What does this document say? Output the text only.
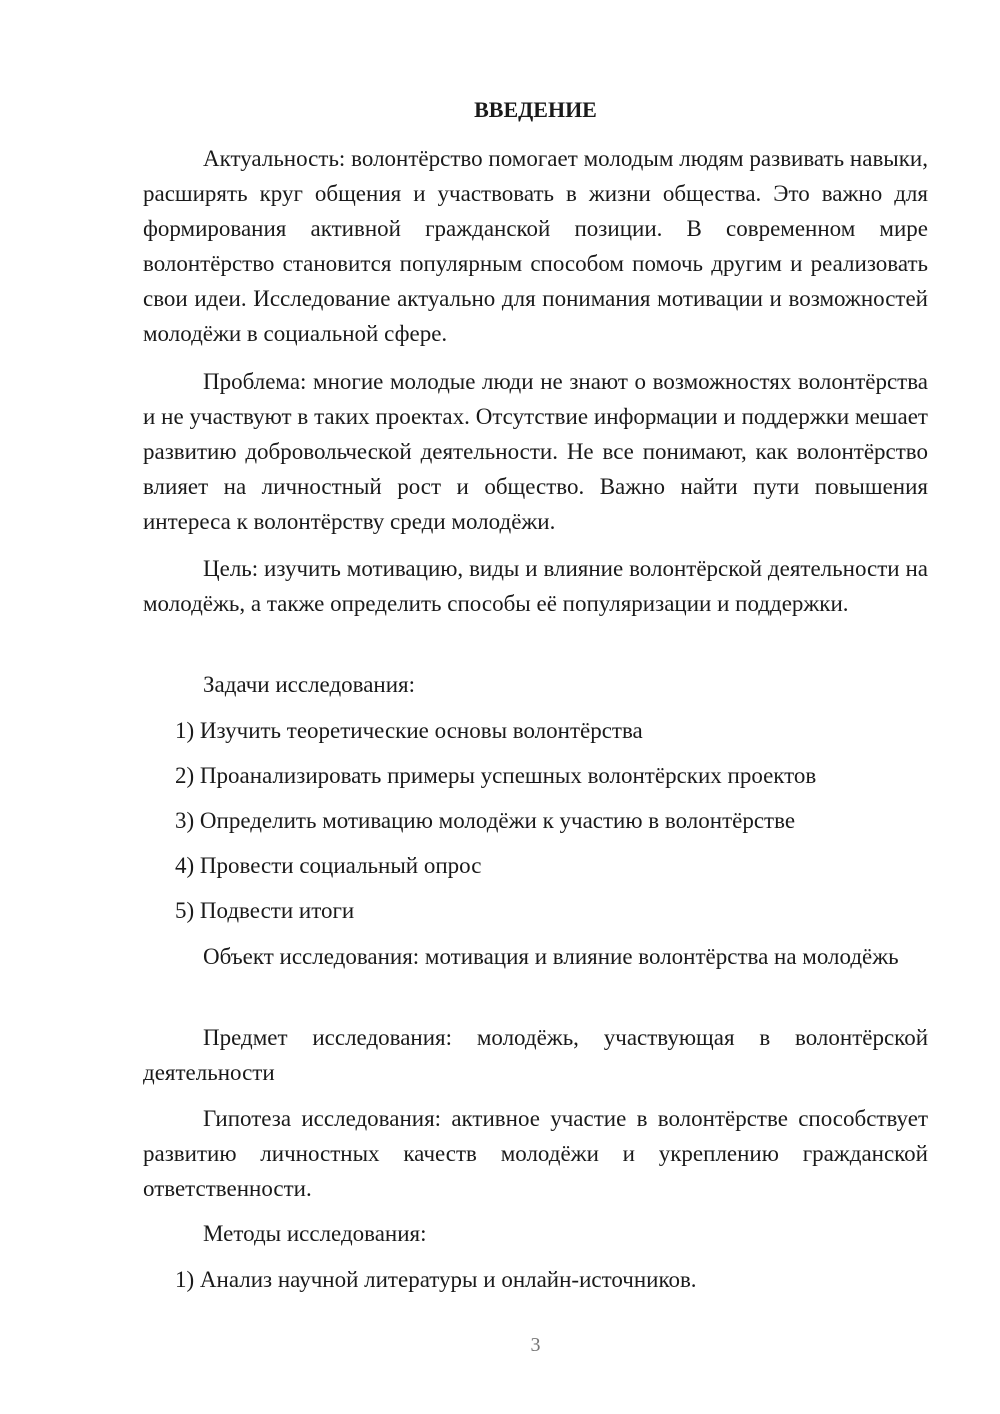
ВВЕДЕНИЕ

Актуальность: волонтёрство помогает молодым людям развивать навыки, расширять круг общения и участвовать в жизни общества. Это важно для формирования активной гражданской позиции. В современном мире волонтёрство становится популярным способом помочь другим и реализовать свои идеи. Исследование актуально для понимания мотивации и возможностей молодёжи в социальной сфере.

Проблема: многие молодые люди не знают о возможностях волонтёрства и не участвуют в таких проектах. Отсутствие информации и поддержки мешает развитию добровольческой деятельности. Не все понимают, как волонтёрство влияет на личностный рост и общество. Важно найти пути повышения интереса к волонтёрству среди молодёжи.

Цель: изучить мотивацию, виды и влияние волонтёрской деятельности на молодёжь, а также определить способы её популяризации и поддержки.

Задачи исследования:

1) Изучить теоретические основы волонтёрства

2) Проанализировать примеры успешных волонтёрских проектов

3) Определить мотивацию молодёжи к участию в волонтёрстве

4) Провести социальный опрос

5) Подвести итоги

Объект исследования: мотивация и влияние волонтёрства на молодёжь

Предмет исследования: молодёжь, участвующая в волонтёрской деятельности

Гипотеза исследования: активное участие в волонтёрстве способствует развитию личностных качеств молодёжи и укреплению гражданской ответственности.

Методы исследования:

1) Анализ научной литературы и онлайн-источников.

3
